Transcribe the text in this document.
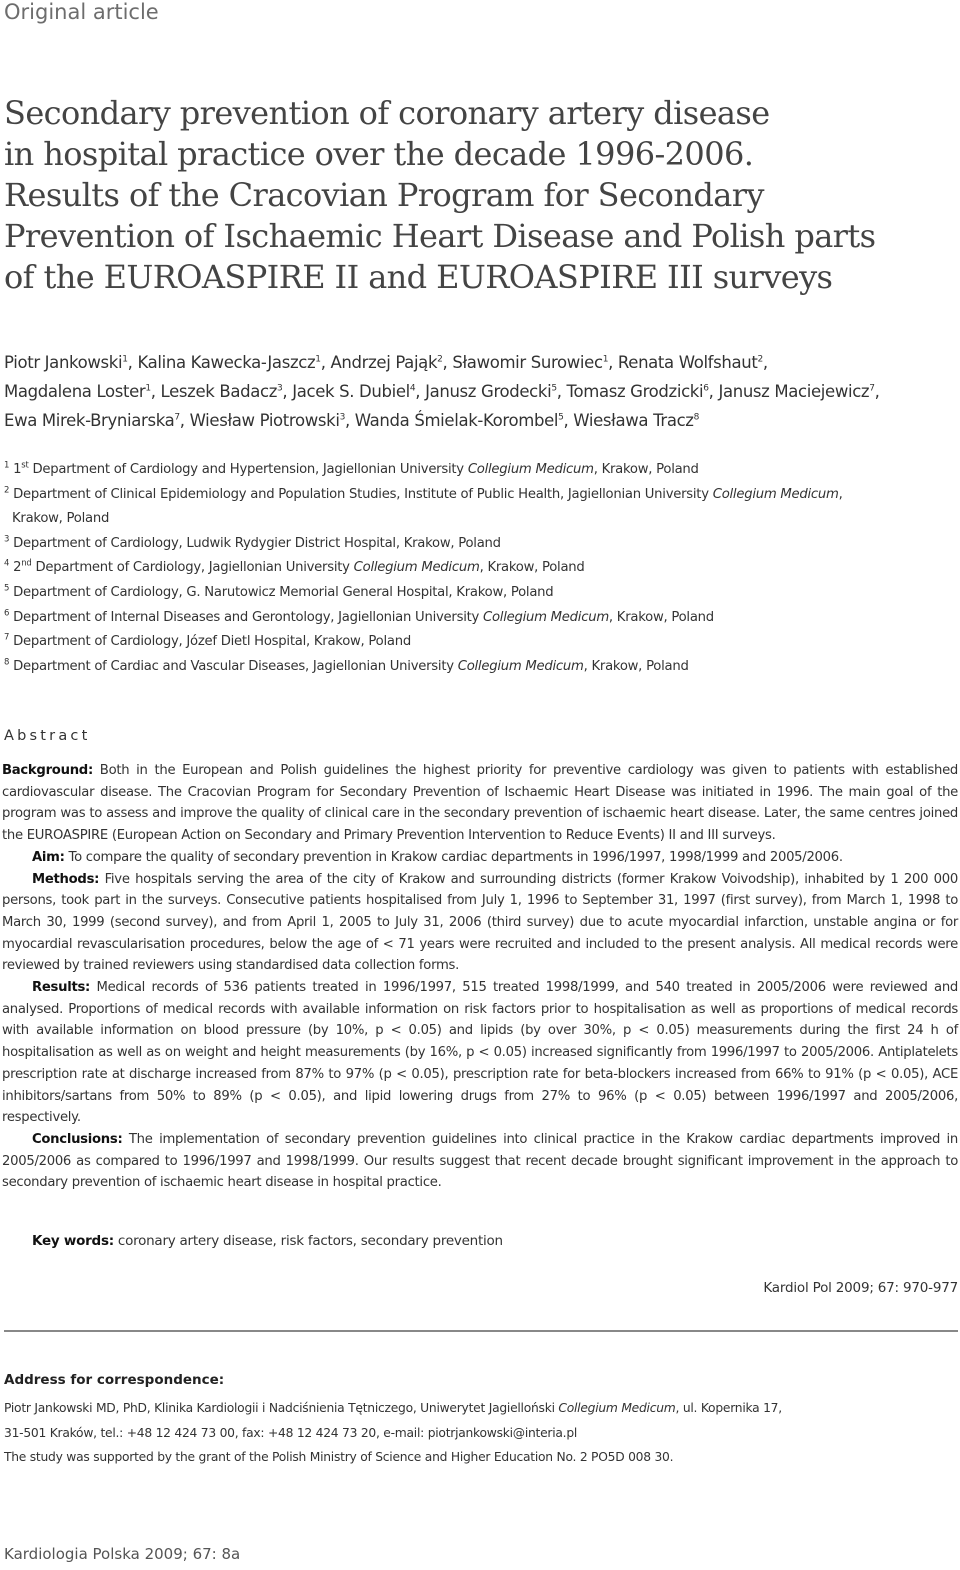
Original article
Secondary prevention of coronary artery disease
in hospital practice over the decade 1996-2006.
Results of the Cracovian Program for Secondary
Prevention of Ischaemic Heart Disease and Polish parts
of the EUROASPIRE II and EUROASPIRE III surveys
Piotr Jankowski$^1$, Kalina Kawecka-Jaszcz$^1$, Andrzej Pająk$^2$, Sławomir Surowiec$^1$, Renata Wolfshaut$^2$,
Magdalena Loster$^1$, Leszek Badacz$^3$, Jacek S. Dubiel$^4$, Janusz Grodecki$^5$, Tomasz Grodzicki$^6$, Janusz Maciejewicz$^7$,
Ewa Mirek-Bryniarska$^7$, Wiesław Piotrowski$^3$, Wanda Śmielak-Korombel$^5$, Wiesława Tracz$^8$
$^1$ 1st Department of Cardiology and Hypertension, Jagiellonian University Collegium Medicum, Krakow, Poland
$^2$ Department of Clinical Epidemiology and Population Studies, Institute of Public Health, Jagiellonian University Collegium Medicum,
Krakow, Poland
$^3$ Department of Cardiology, Ludwik Rydygier District Hospital, Krakow, Poland
$^4$ 2nd Department of Cardiology, Jagiellonian University Collegium Medicum, Krakow, Poland
$^5$ Department of Cardiology, G. Narutowicz Memorial General Hospital, Krakow, Poland
$^6$ Department of Internal Diseases and Gerontology, Jagiellonian University Collegium Medicum, Krakow, Poland
$^7$ Department of Cardiology, Józef Dietl Hospital, Krakow, Poland
$^8$ Department of Cardiac and Vascular Diseases, Jagiellonian University Collegium Medicum, Krakow, Poland
Abstract

Background: Both in the European and Polish guidelines the highest priority for preventive cardiology was given to patients with established cardiovascular disease. The Cracovian Program for Secondary Prevention of Ischaemic Heart Disease was initiated in 1996. The main goal of the program was to assess and improve the quality of clinical care in the secondary prevention of ischaemic heart disease. Later, the same centres joined the EUROASPIRE (European Action on Secondary and Primary Prevention Intervention to Reduce Events) II and III surveys.

Aim: To compare the quality of secondary prevention in Krakow cardiac departments in 1996/1997, 1998/1999 and 2005/2006.

Methods: Five hospitals serving the area of the city of Krakow and surrounding districts (former Krakow Voivodship), inhabited by 1 200 000 persons, took part in the surveys. Consecutive patients hospitalised from July 1, 1996 to September 31, 1997 (first survey), from March 1, 1998 to March 30, 1999 (second survey), and from April 1, 2005 to July 31, 2006 (third survey) due to acute myocardial infarction, unstable angina or for myocardial revascularisation procedures, below the age of < 71 years were recruited and included to the present analysis. All medical records were reviewed by trained reviewers using standardised data collection forms.

Results: Medical records of 536 patients treated in 1996/1997, 515 treated 1998/1999, and 540 treated in 2005/2006 were reviewed and analysed. Proportions of medical records with available information on risk factors prior to hospitalisation as well as proportions of medical records with available information on blood pressure (by 10%, p < 0.05) and lipids (by over 30%, p < 0.05) measurements during the first 24 h of hospitalisation as well as on weight and height measurements (by 16%, p < 0.05) increased significantly from 1996/1997 to 2005/2006. Antiplatelets prescription rate at discharge increased from 87% to 97% (p < 0.05), prescription rate for beta-blockers increased from 66% to 91% (p < 0.05), ACE inhibitors/sartans from 50% to 89% (p < 0.05), and lipid lowering drugs from 27% to 96% (p < 0.05) between 1996/1997 and 2005/2006, respectively.

Conclusions: The implementation of secondary prevention guidelines into clinical practice in the Krakow cardiac departments improved in 2005/2006 as compared to 1996/1997 and 1998/1999. Our results suggest that recent decade brought significant improvement in the approach to secondary prevention of ischaemic heart disease in hospital practice.

Key words: coronary artery disease, risk factors, secondary prevention
Kardiol Pol 2009; 67: 970-977
Address for correspondence:
Piotr Jankowski MD, PhD, Klinika Kardiologii i Nadciśnienia Tętniczego, Uniwerytet Jagielloński Collegium Medicum, ul. Kopernika 17,
31-501 Kraków, tel.: +48 12 424 73 00, fax: +48 12 424 73 20, e-mail: piotrjankowski@interia.pl
The study was supported by the grant of the Polish Ministry of Science and Higher Education No. 2 PO5D 008 30.
Kardiologia Polska 2009; 67: 8a
